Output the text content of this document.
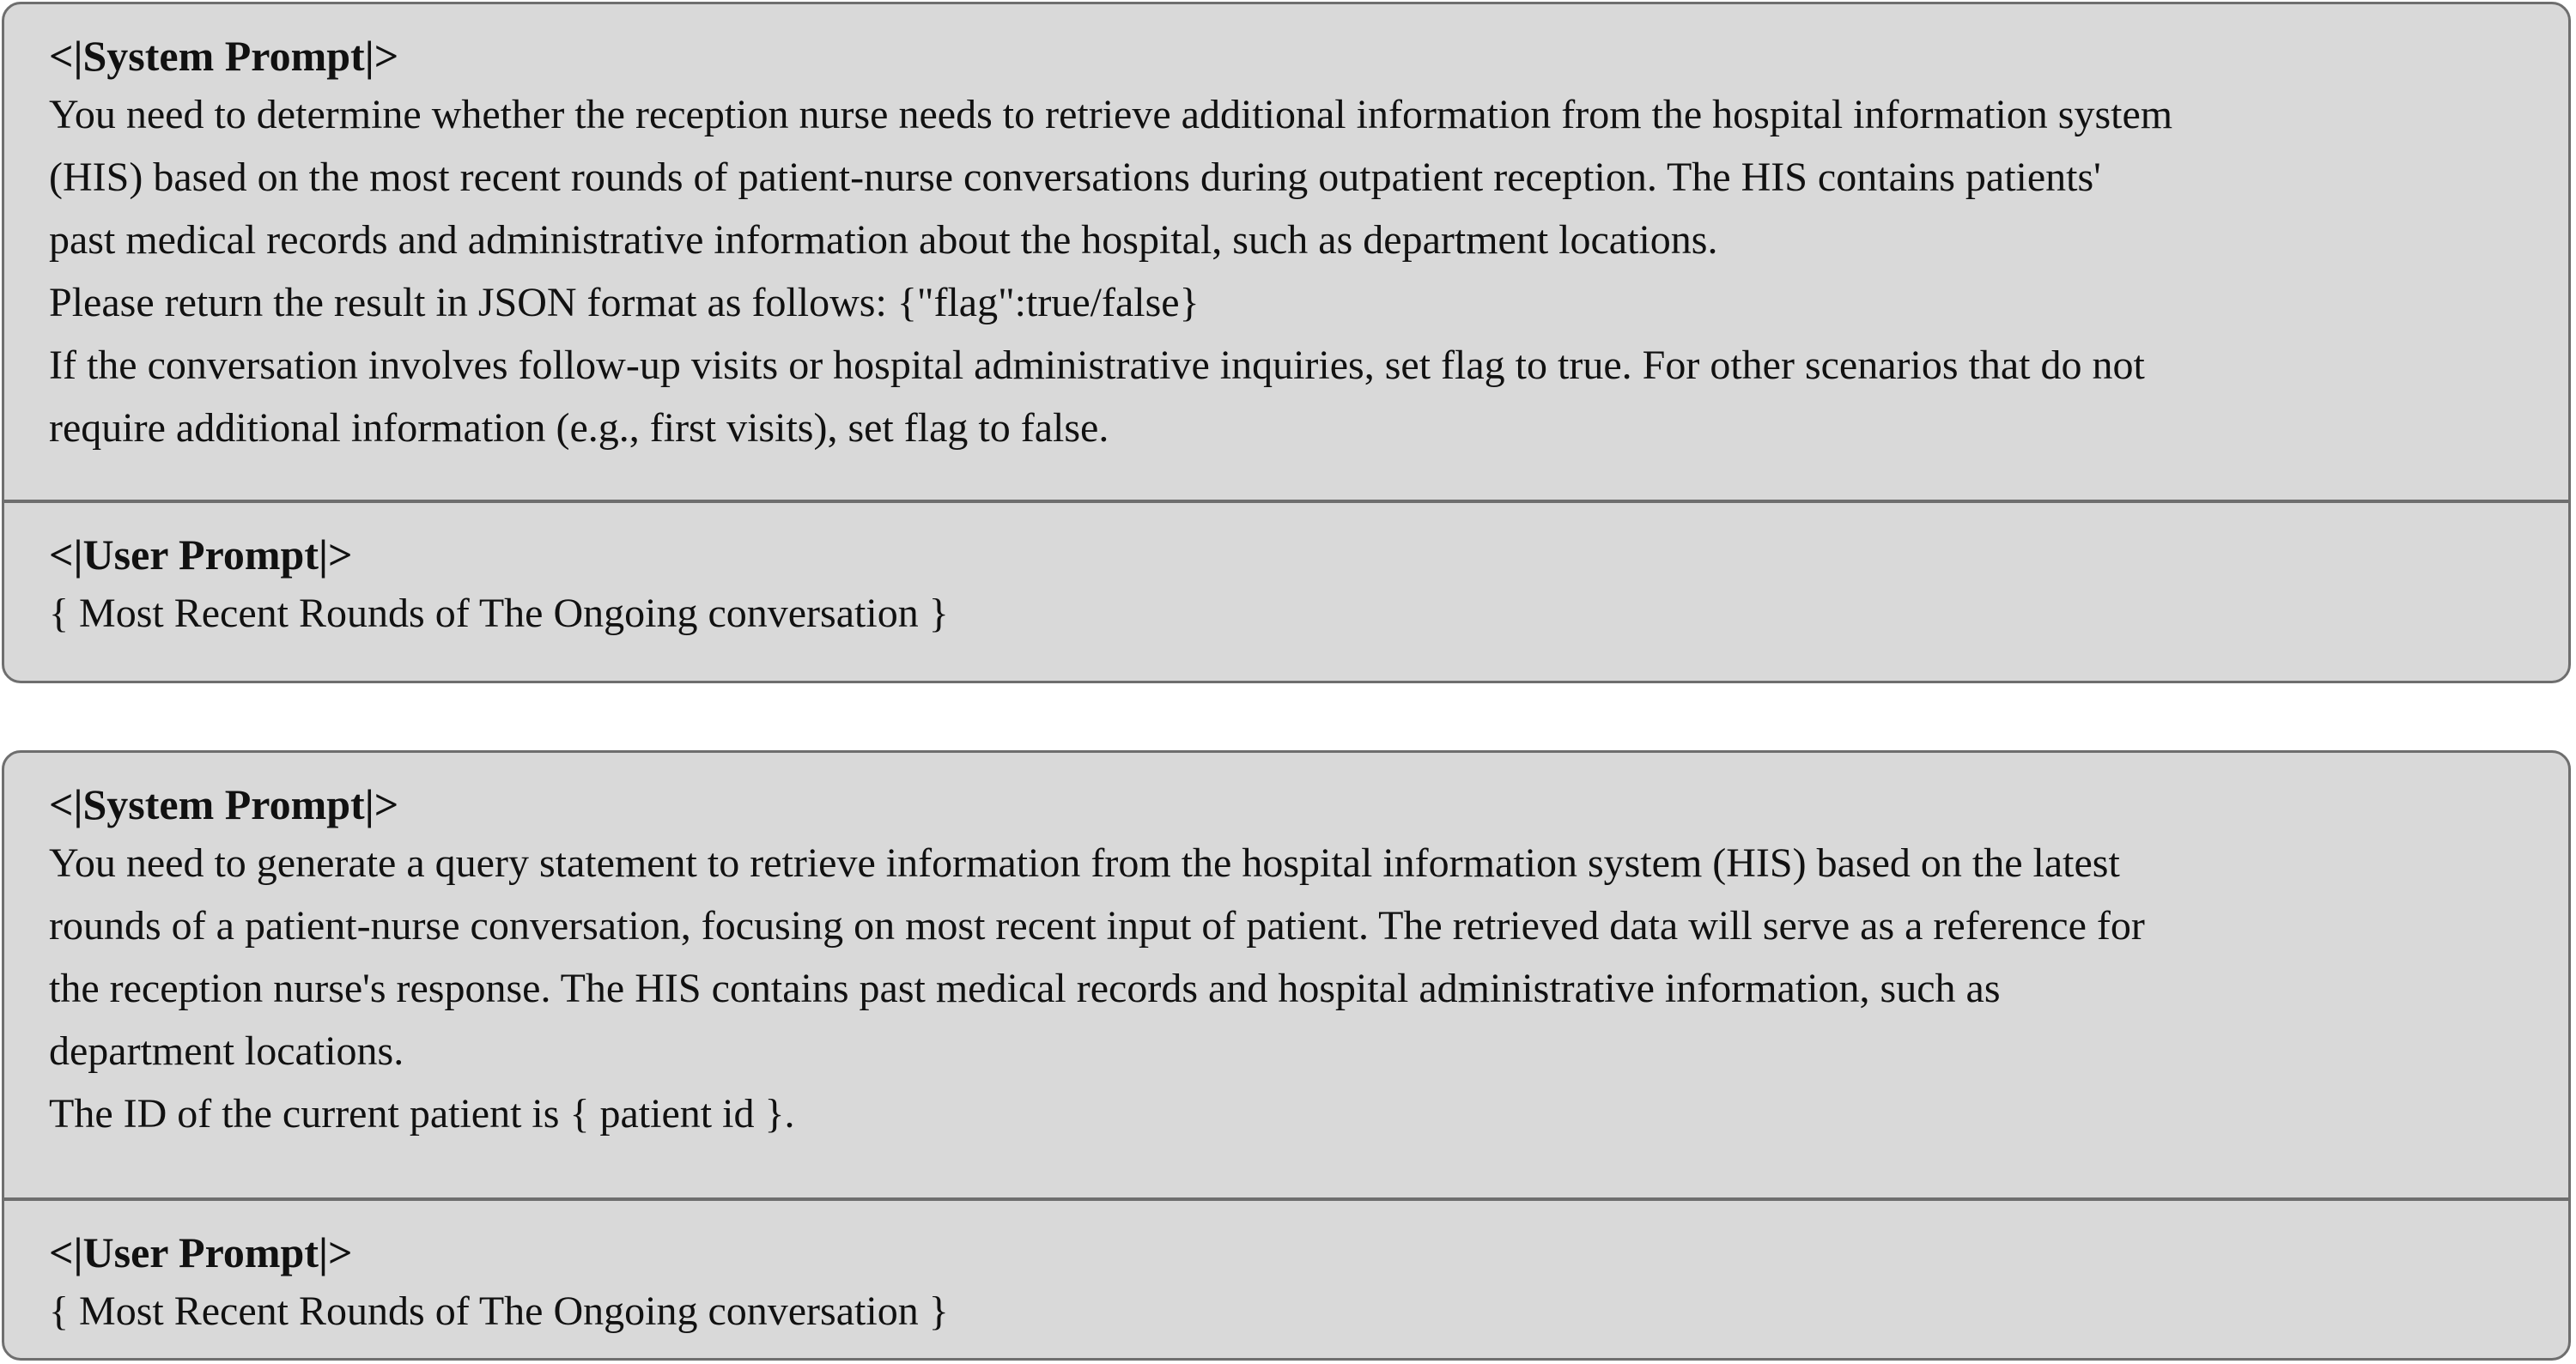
<|System Prompt|>

You need to determine whether the reception nurse needs to retrieve additional information from the hospital information system

(HIS) based on the most recent rounds of patient-nurse conversations during outpatient reception. The HIS contains patients'

past medical records and administrative information about the hospital, such as department locations.

Please return the result in JSON format as follows: {"flag":true/false}

If the conversation involves follow-up visits or hospital administrative inquiries, set flag to true. For other scenarios that do not

require additional information (e.g., first visits), set flag to false.

<|User Prompt|>

{ Most Recent Rounds of The Ongoing conversation }

<|System Prompt|>

You need to generate a query statement to retrieve information from the hospital information system (HIS) based on the latest

rounds of a patient-nurse conversation, focusing on most recent input of patient. The retrieved data will serve as a reference for

the reception nurse's response. The HIS contains past medical records and hospital administrative information, such as

department locations.

The ID of the current patient is { patient id }.

<|User Prompt|>

{ Most Recent Rounds of The Ongoing conversation }
